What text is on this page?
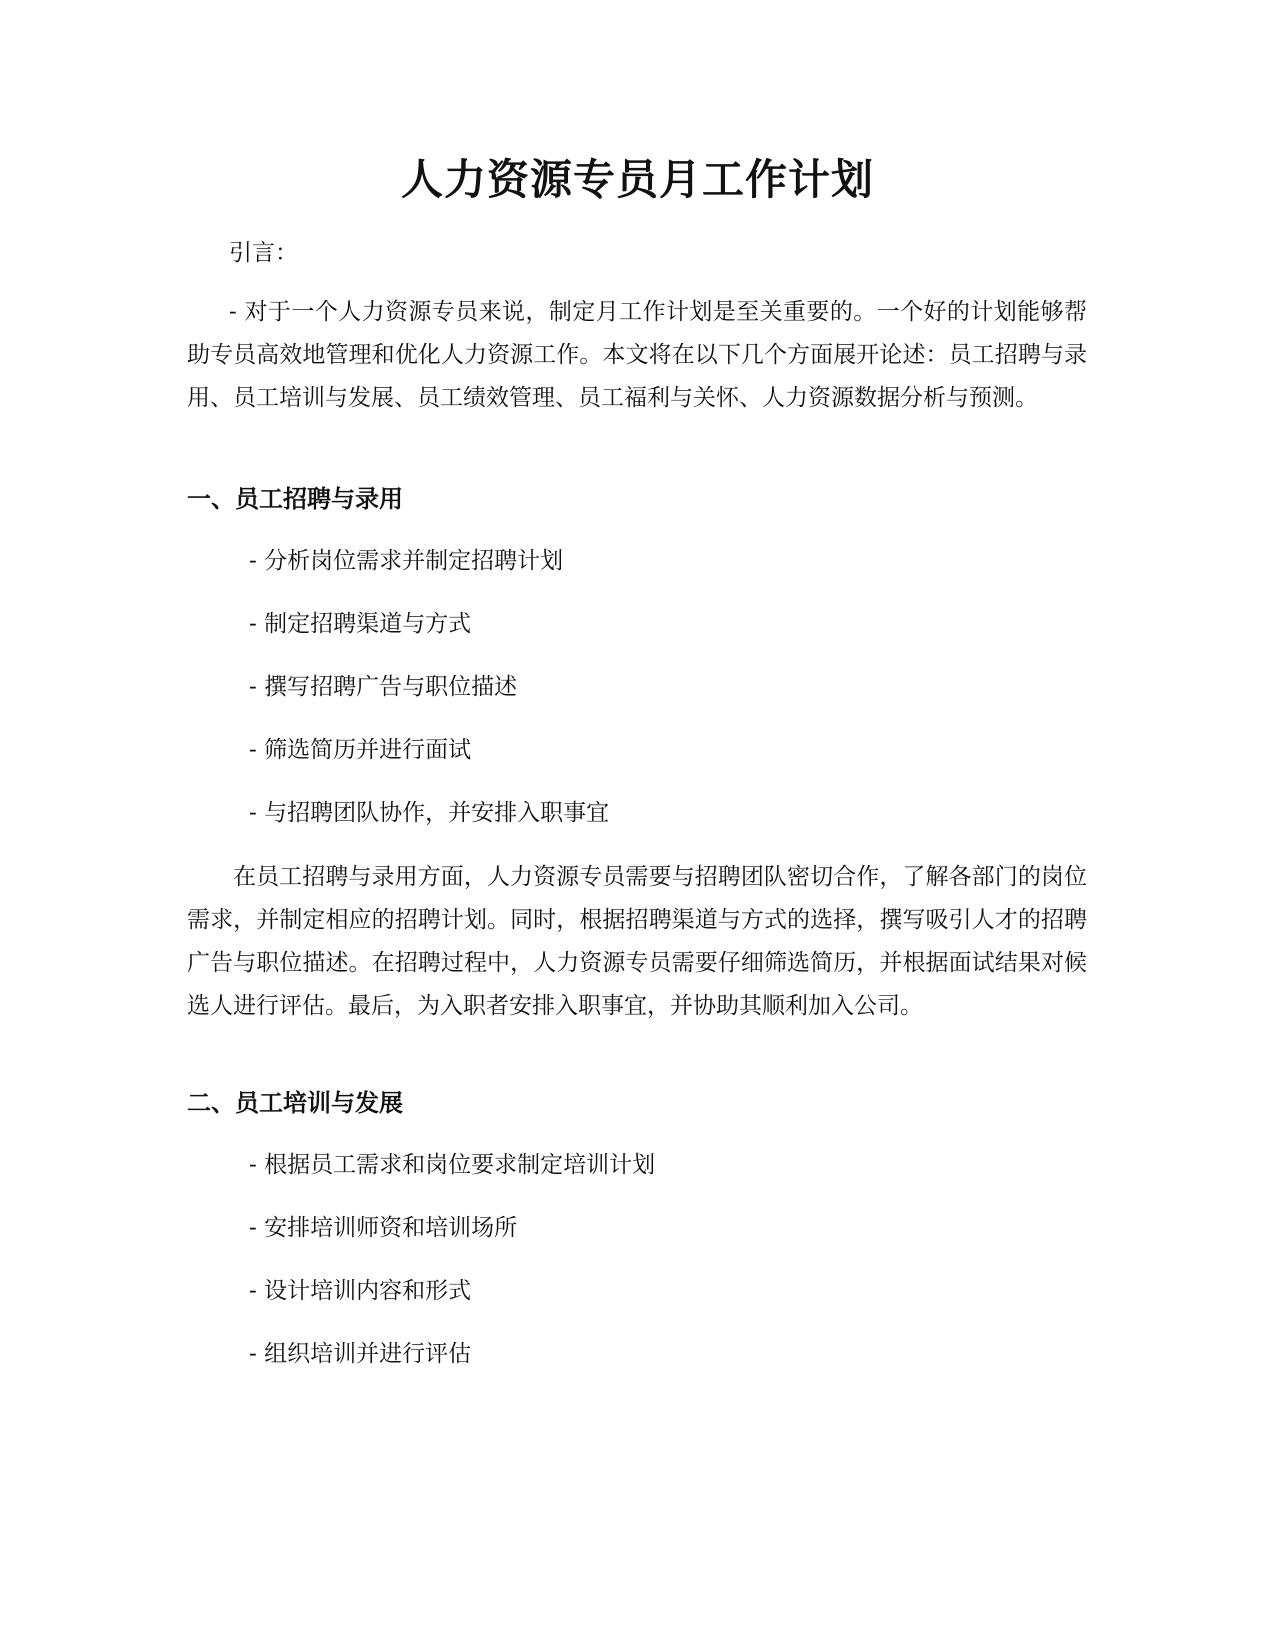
人力资源专员月工作计划

引言：

- 对于一个人力资源专员来说，制定月工作计划是至关重要的。一个好的计划能够帮助专员高效地管理和优化人力资源工作。本文将在以下几个方面展开论述：员工招聘与录用、员工培训与发展、员工绩效管理、员工福利与关怀、人力资源数据分析与预测。

一、员工招聘与录用

- 分析岗位需求并制定招聘计划

- 制定招聘渠道与方式

- 撰写招聘广告与职位描述

- 筛选简历并进行面试

- 与招聘团队协作，并安排入职事宜

在员工招聘与录用方面，人力资源专员需要与招聘团队密切合作，了解各部门的岗位需求，并制定相应的招聘计划。同时，根据招聘渠道与方式的选择，撰写吸引人才的招聘广告与职位描述。在招聘过程中，人力资源专员需要仔细筛选简历，并根据面试结果对候选人进行评估。最后，为入职者安排入职事宜，并协助其顺利加入公司。

二、员工培训与发展

- 根据员工需求和岗位要求制定培训计划

- 安排培训师资和培训场所

- 设计培训内容和形式

- 组织培训并进行评估
